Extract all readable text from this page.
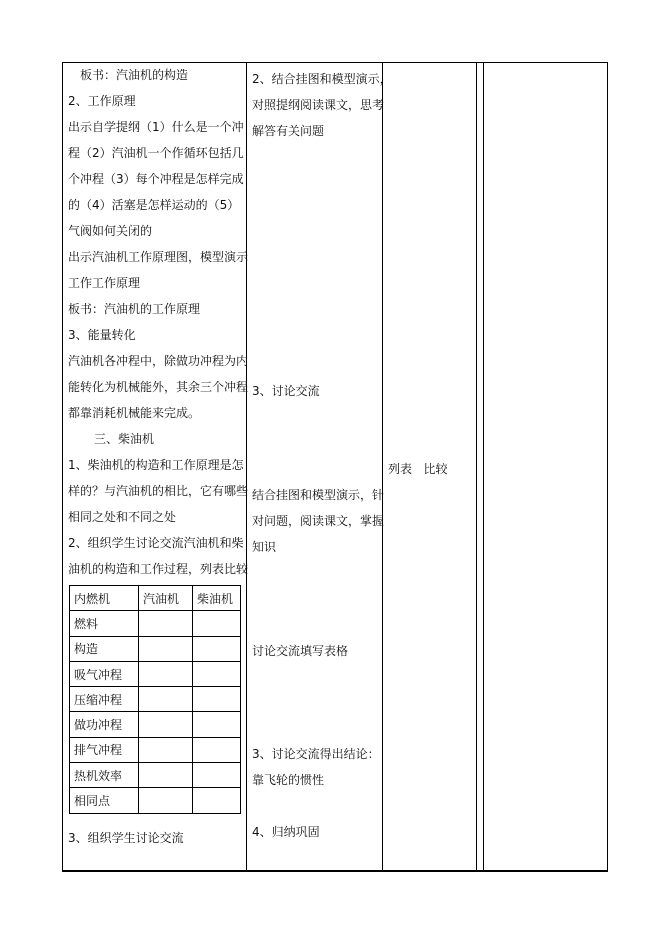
板书：汽油机的构造
2、工作原理
出示自学提纲（1）什么是一个冲
程（2）汽油机一个作循环包括几
个冲程（3）每个冲程是怎样完成
的（4）活塞是怎样运动的（5）
气阀如何关闭的
出示汽油机工作原理图，模型演示
工作工作原理
板书：汽油机的工作原理
3、能量转化
汽油机各冲程中，除做功冲程为内
能转化为机械能外，其余三个冲程
都靠消耗机械能来完成。
三、柴油机
1、柴油机的构造和工作原理是怎
样的？与汽油机的相比，它有哪些
相同之处和不同之处
2、组织学生讨论交流汽油机和柴
油机的构造和工作过程，列表比较
内燃机	汽油机	柴油机
燃料		
构造		
吸气冲程		
压缩冲程		
做功冲程		
排气冲程		
热机效率		
相同点		
3、组织学生讨论交流
2、结合挂图和模型演示，
对照提纲阅读课文，思考
解答有关问题
3、讨论交流
结合挂图和模型演示，针
对问题，阅读课文，掌握
知识
讨论交流填写表格
3、讨论交流得出结论：
靠飞轮的惯性
4、归纳巩固
列表   比较
